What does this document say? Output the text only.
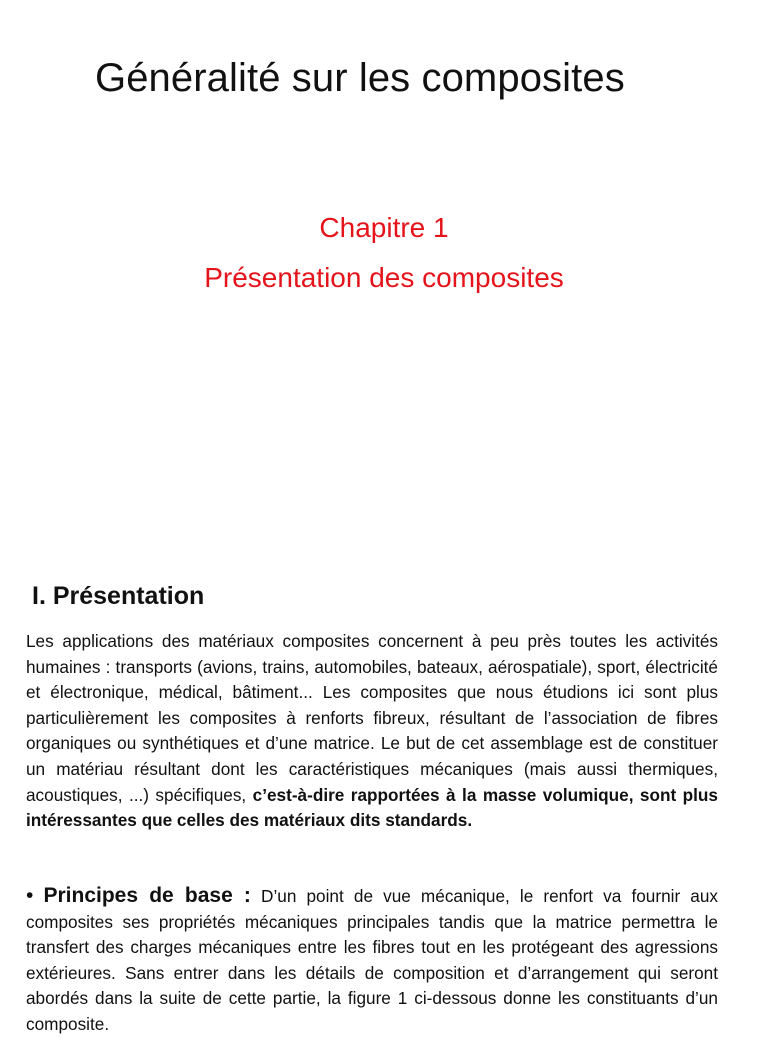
Généralité sur les composites
Chapitre 1
Présentation des composites
I. Présentation
Les applications des matériaux composites concernent à peu près toutes les activités humaines : transports (avions, trains, automobiles, bateaux, aérospatiale), sport, électricité et électronique, médical, bâtiment... Les composites que nous étudions ici sont plus particulièrement les composites à renforts fibreux, résultant de l’association de fibres organiques ou synthétiques et d’une matrice. Le but de cet assemblage est de constituer un matériau résultant dont les caractéristiques mécaniques (mais aussi thermiques, acoustiques, ...) spécifiques, c’est-à-dire rapportées à la masse volumique, sont plus intéressantes que celles des matériaux dits standards.
• Principes de base : D’un point de vue mécanique, le renfort va fournir aux composites ses propriétés mécaniques principales tandis que la matrice permettra le transfert des charges mécaniques entre les fibres tout en les protégeant des agressions extérieures. Sans entrer dans les détails de composition et d’arrangement qui seront abordés dans la suite de cette partie, la figure 1 ci-dessous donne les constituants d’un composite.
